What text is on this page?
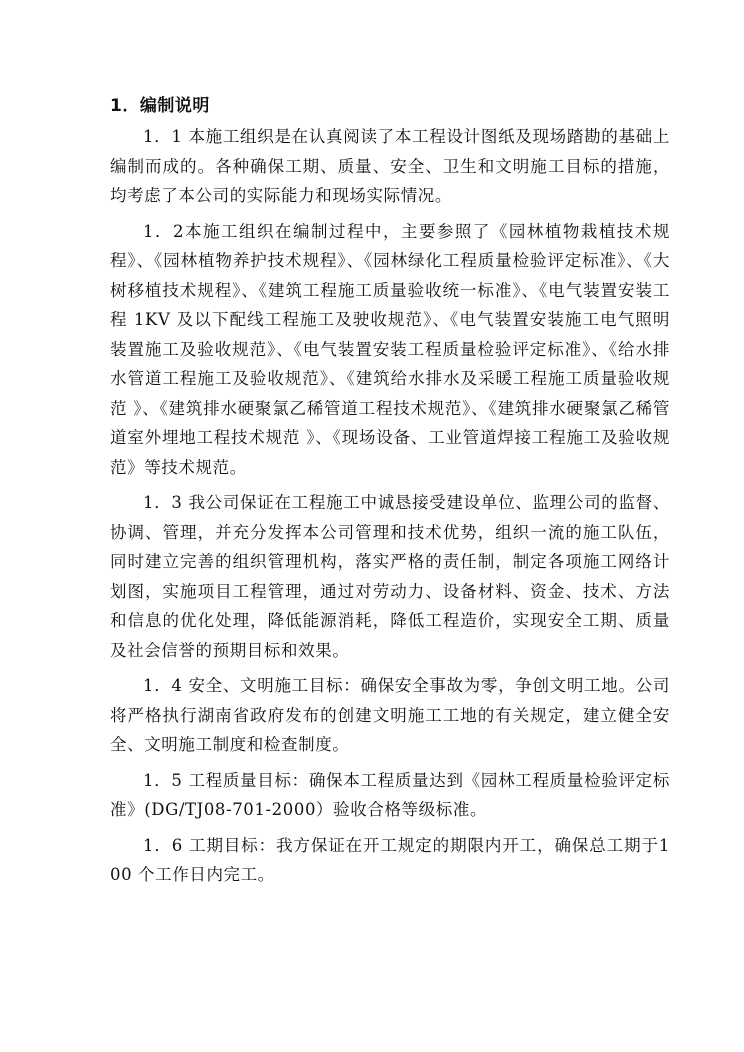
1．编制说明

1．1 本施工组织是在认真阅读了本工程设计图纸及现场踏勘的基础上编制而成的。各种确保工期、质量、安全、卫生和文明施工目标的措施，均考虑了本公司的实际能力和现场实际情况。

1．2本施工组织在编制过程中，主要参照了《园林植物栽植技术规程》、《园林植物养护技术规程》、《园林绿化工程质量检验评定标准》、《大树移植技术规程》、《建筑工程施工质量验收统一标准》、《电气装置安装工程 1KV 及以下配线工程施工及驶收规范》、《电气装置安装施工电气照明装置施工及验收规范》、《电气装置安装工程质量检验评定标准》、《给水排水管道工程施工及验收规范》、《建筑给水排水及采暖工程施工质量验收规范 》、《建筑排水硬聚氯乙稀管道工程技术规范》、《建筑排水硬聚氯乙稀管道室外埋地工程技术规范 》、《现场设备、工业管道焊接工程施工及验收规范》等技术规范。

1．3 我公司保证在工程施工中诚恳接受建设单位、监理公司的监督、协调、管理，并充分发挥本公司管理和技术优势，组织一流的施工队伍，同时建立完善的组织管理机构，落实严格的责任制，制定各项施工网络计划图，实施项目工程管理，通过对劳动力、设备材料、资金、技术、方法和信息的优化处理，降低能源消耗，降低工程造价，实现安全工期、质量及社会信誉的预期目标和效果。

1．4 安全、文明施工目标：确保安全事故为零，争创文明工地。公司将严格执行湖南省政府发布的创建文明施工工地的有关规定，建立健全安全、文明施工制度和检查制度。

1．5 工程质量目标：确保本工程质量达到《园林工程质量检验评定标准》(DG/TJ08-701-2000）验收合格等级标准。

1．6 工期目标：我方保证在开工规定的期限内开工，确保总工期于100 个工作日内完工。
